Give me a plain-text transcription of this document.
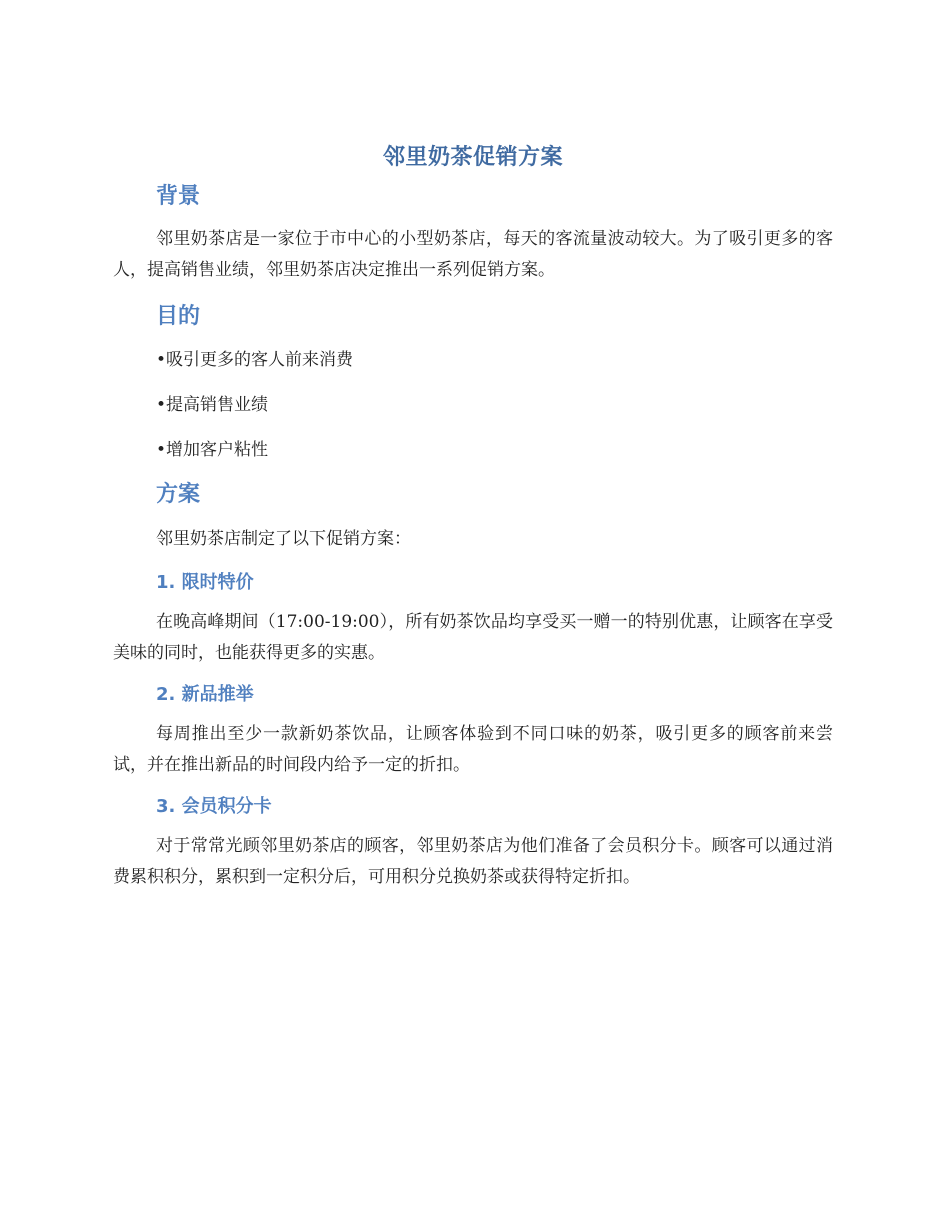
邻里奶茶促销方案
背景

邻里奶茶店是一家位于市中心的小型奶茶店，每天的客流量波动较大。为了吸引更多的客人，提高销售业绩，邻里奶茶店决定推出一系列促销方案。

目的

•吸引更多的客人前来消费

•提高销售业绩

•增加客户粘性

方案

邻里奶茶店制定了以下促销方案：

1. 限时特价

在晚高峰期间（17:00-19:00），所有奶茶饮品均享受买一赠一的特别优惠，让顾客在享受美味的同时，也能获得更多的实惠。

2. 新品推举

每周推出至少一款新奶茶饮品，让顾客体验到不同口味的奶茶，吸引更多的顾客前来尝试，并在推出新品的时间段内给予一定的折扣。

3. 会员积分卡

对于常常光顾邻里奶茶店的顾客，邻里奶茶店为他们准备了会员积分卡。顾客可以通过消费累积积分，累积到一定积分后，可用积分兑换奶茶或获得特定折扣。
